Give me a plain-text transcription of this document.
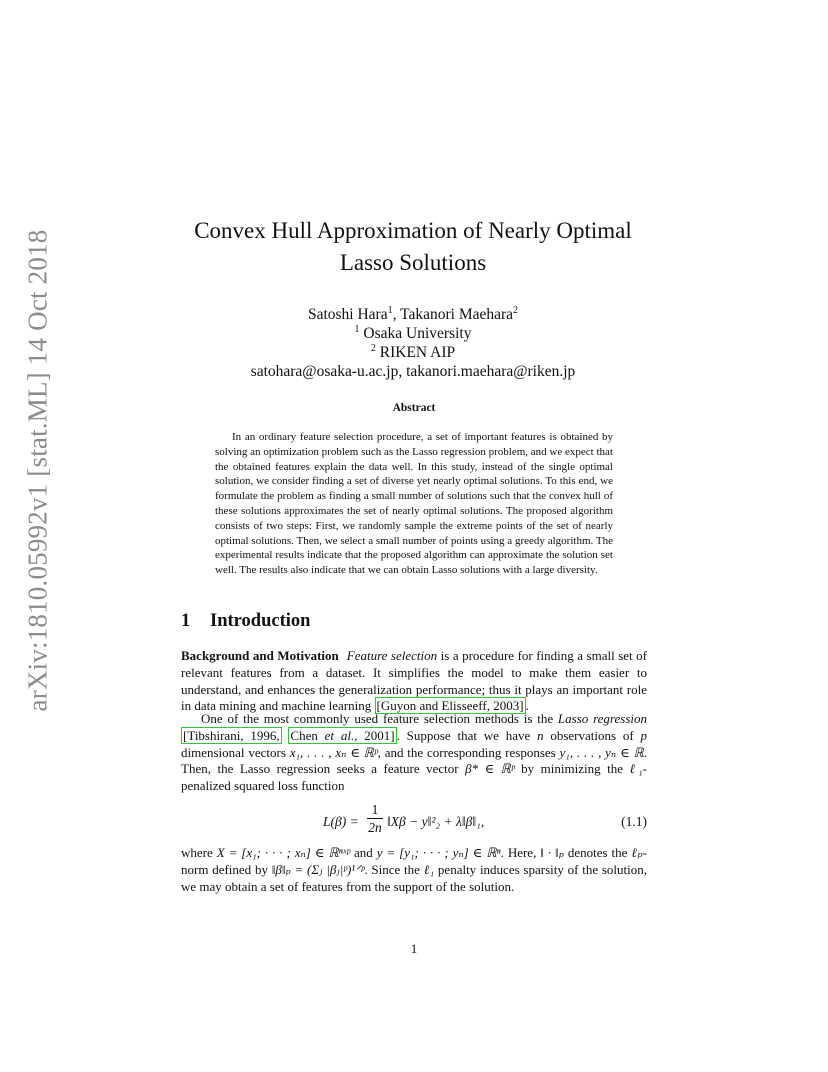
arXiv:1810.05992v1 [stat.ML] 14 Oct 2018	Convex Hull Approximation of Nearly Optimal
Lasso Solutions
Satoshi Hara$^1$, Takanori Maehara$^2$
$^1$ Osaka University
$^2$ RIKEN AIP
satohara@osaka-u.ac.jp, takanori.maehara@riken.jp
Abstract
In an ordinary feature selection procedure, a set of important features is obtained by solving an optimization problem such as the Lasso regression problem, and we expect that the obtained features explain the data well. In this study, instead of the single optimal solution, we consider finding a set of diverse yet nearly optimal solutions. To this end, we formulate the problem as finding a small number of solutions such that the convex hull of these solutions approximates the set of nearly optimal solutions. The proposed algorithm consists of two steps: First, we randomly sample the extreme points of the set of nearly optimal solutions. Then, we select a small number of points using a greedy algorithm. The experimental results indicate that the proposed algorithm can approximate the solution set well. The results also indicate that we can obtain Lasso solutions with a large diversity.
1 Introduction

Background and Motivation Feature selection is a procedure for finding a small set of relevant features from a dataset. It simplifies the model to make them easier to understand, and enhances the generalization performance; thus it plays an important role in data mining and machine learning [Guyon and Elisseeff, 2003] .

One of the most commonly used feature selection methods is the Lasso regression [Tibshirani, 1996, Chen et al., 2001] . Suppose that we have n observations of p dimensional vectors x₁, . . . , xₙ ∈ ℝᵖ, and the corresponding responses y₁, . . . , yₙ ∈ ℝ. Then, the Lasso regression seeks a feature vector β* ∈ ℝᵖ by minimizing the ℓ₁-penalized squared loss function

L(β) =
1
2n ‖Xβ − y‖²₂ + λ‖β‖₁,	(1.1)

where X = [x₁; · · · ; xₙ] ∈ ℝⁿˣᵖ and y = [y₁; · · · ; yₙ] ∈ ℝⁿ. Here, ‖ · ‖ₚ denotes the ℓₚ-norm defined by ‖β‖ₚ = (Σⱼ |βⱼ|ᵖ)¹ᐟᵖ. Since the ℓ₁ penalty induces sparsity of the solution, we may obtain a set of features from the support of the solution.

1
